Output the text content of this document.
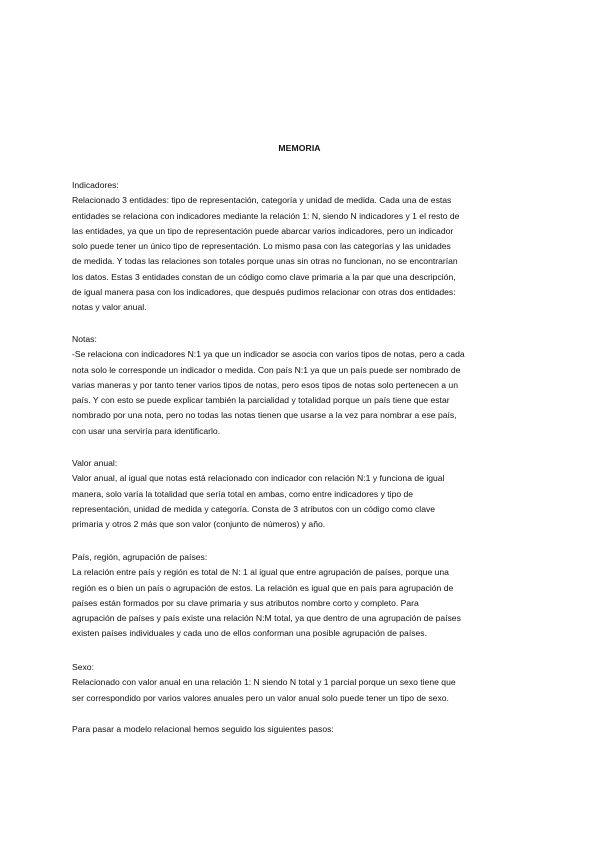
MEMORIA
Indicadores:
Relacionado 3 entidades: tipo de representación, categoría y unidad de medida. Cada una de estas
entidades se relaciona con indicadores mediante la relación 1: N, siendo N indicadores y 1 el resto de
las entidades, ya que un tipo de representación puede abarcar varios indicadores, pero un indicador
solo puede tener un único tipo de representación. Lo mismo pasa con las categorías y las unidades
de medida. Y todas las relaciones son totales porque unas sin otras no funcionan, no se encontrarían
los datos. Estas 3 entidades constan de un código como clave primaria a la par que una descripción,
de igual manera pasa con los indicadores, que después pudimos relacionar con otras dos entidades:
notas y valor anual.
Notas:
-Se relaciona con indicadores N:1 ya que un indicador se asocia con varios tipos de notas, pero a cada
nota solo le corresponde un indicador o medida. Con país N:1 ya que un país puede ser nombrado de
varias maneras y por tanto tener varios tipos de notas, pero esos tipos de notas solo pertenecen a un
país. Y con esto se puede explicar también la parcialidad y totalidad porque un país tiene que estar
nombrado por una nota, pero no todas las notas tienen que usarse a la vez para nombrar a ese país,
con usar una serviría para identificarlo.
Valor anual:
Valor anual, al igual que notas está relacionado con indicador con relación N:1 y funciona de igual
manera, solo varía la totalidad que sería total en ambas, como entre indicadores y tipo de
representación, unidad de medida y categoría. Consta de 3 atributos con un código como clave
primaria y otros 2 más que son valor (conjunto de números) y año.
País, región, agrupación de países:
La relación entre país y región es total de N: 1 al igual que entre agrupación de países, porque una
región es o bien un país o agrupación de estos. La relación es igual que en país para agrupación de
países están formados por su clave primaria y sus atributos nombre corto y completo. Para
agrupación de países y país existe una relación N:M total, ya que dentro de una agrupación de países
existen países individuales y cada uno de ellos conforman una posible agrupación de países.
Sexo:
Relacionado con valor anual en una relación 1: N siendo N total y 1 parcial porque un sexo tiene que
ser correspondido por varios valores anuales pero un valor anual solo puede tener un tipo de sexo.
Para pasar a modelo relacional hemos seguido los siguientes pasos:
